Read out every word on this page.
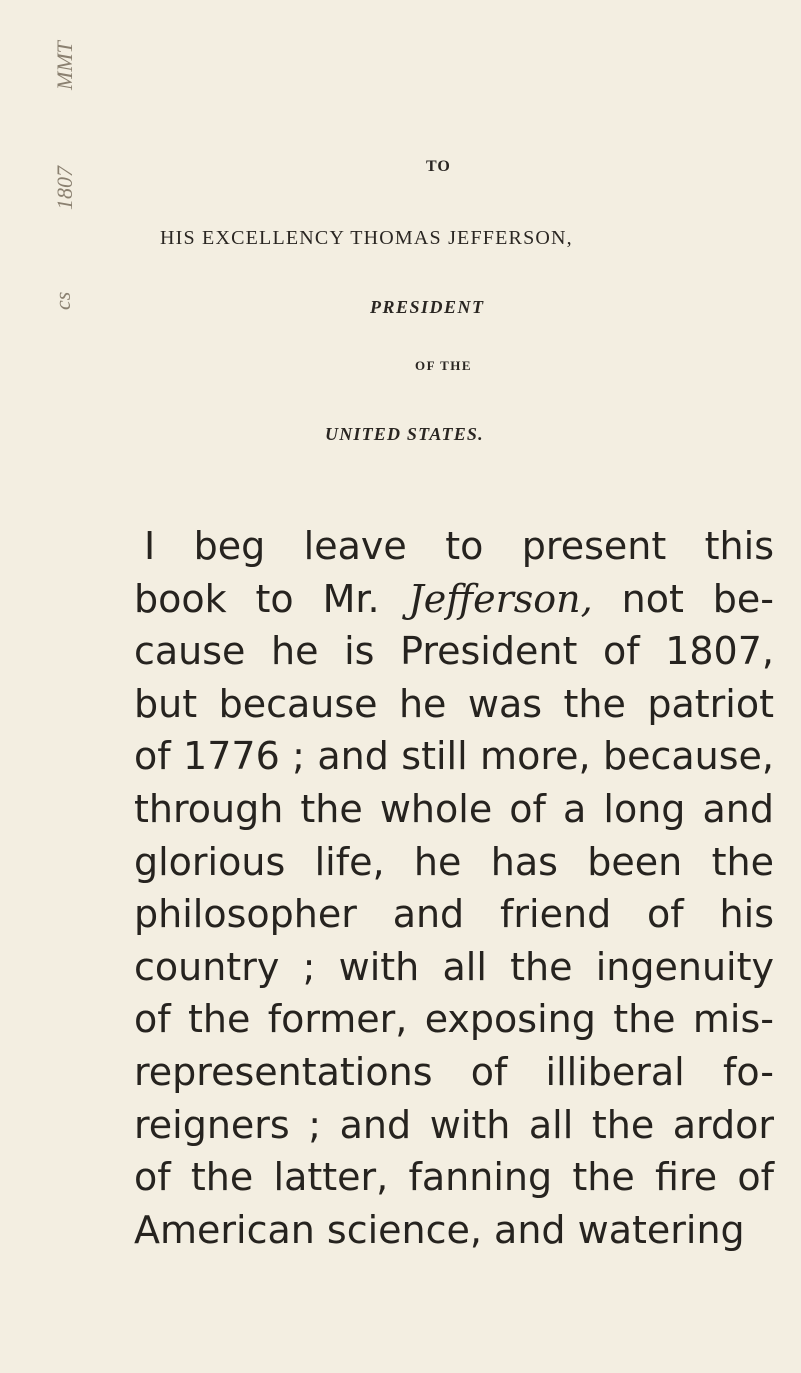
MMT
1807
cs
TO
HIS EXCELLENCY THOMAS JEFFERSON,
PRESIDENT
OF THE
UNITED STATES.
I beg leave to present this
book to Mr. Jefferson, not be-
cause he is President of 1807,
but because he was the patriot
of 1776 ; and still more, because,
through the whole of a long and
glorious life, he has been the
philosopher and friend of his
country ; with all the ingenuity
of the former, exposing the mis-
representations of illiberal fo-
reigners ; and with all the ardor
of the latter, fanning the fire of
American science, and watering
